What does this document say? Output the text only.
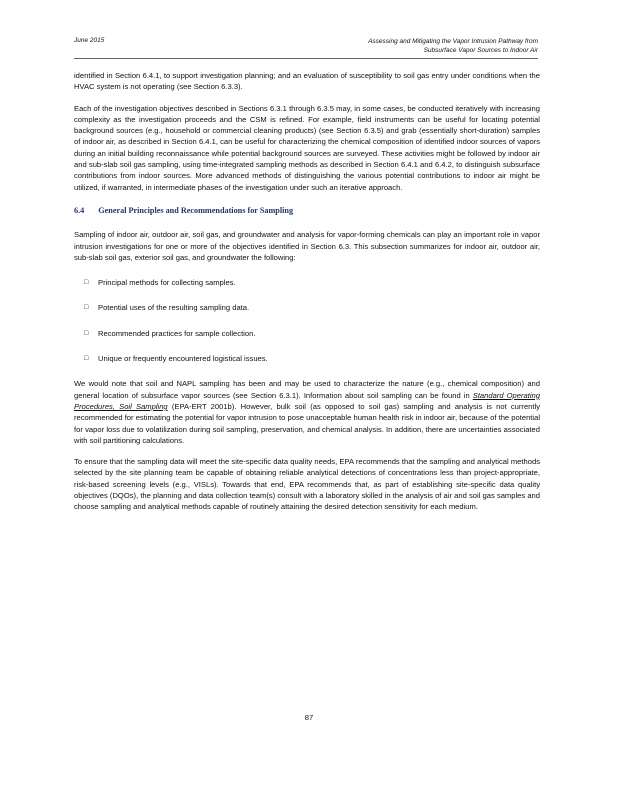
June 2015	Assessing and Mitigating the Vapor Intrusion Pathway from
Subsurface Vapor Sources to Indoor Air

identified in Section 6.4.1, to support investigation planning; and an evaluation of susceptibility to soil gas entry under conditions when the HVAC system is not operating (see Section 6.3.3).

Each of the investigation objectives described in Sections 6.3.1 through 6.3.5 may, in some cases, be conducted iteratively with increasing complexity as the investigation proceeds and the CSM is refined. For example, field instruments can be useful for locating potential background sources (e.g., household or commercial cleaning products) (see Section 6.3.5) and grab (essentially short-duration) samples of indoor air, as described in Section 6.4.1, can be useful for characterizing the chemical composition of identified indoor sources of vapors during an initial building reconnaissance while potential background sources are surveyed. These activities might be followed by indoor air and sub-slab soil gas sampling, using time-integrated sampling methods as described in Section 6.4.1 and 6.4.2, to distinguish subsurface contributions from indoor sources. More advanced methods of distinguishing the various potential contributions to indoor air might be utilized, if warranted, in intermediate phases of the investigation under such an iterative approach.

6.4 General Principles and Recommendations for Sampling

Sampling of indoor air, outdoor air, soil gas, and groundwater and analysis for vapor-forming chemicals can play an important role in vapor intrusion investigations for one or more of the objectives identified in Section 6.3. This subsection summarizes for indoor air, outdoor air, sub-slab soil gas, exterior soil gas, and groundwater the following:

□ Principal methods for collecting samples.
□ Potential uses of the resulting sampling data.
□ Recommended practices for sample collection.
□ Unique or frequently encountered logistical issues.

We would note that soil and NAPL sampling has been and may be used to characterize the nature (e.g., chemical composition) and general location of subsurface vapor sources (see Section 6.3.1). Information about soil sampling can be found in Standard Operating Procedures, Soil Sampling (EPA-ERT 2001b). However, bulk soil (as opposed to soil gas) sampling and analysis is not currently recommended for estimating the potential for vapor intrusion to pose unacceptable human health risk in indoor air, because of the potential for vapor loss due to volatilization during soil sampling, preservation, and chemical analysis. In addition, there are uncertainties associated with soil partitioning calculations.

To ensure that the sampling data will meet the site-specific data quality needs, EPA recommends that the sampling and analytical methods selected by the site planning team be capable of obtaining reliable analytical detections of concentrations less than project-appropriate, risk-based screening levels (e.g., VISLs). Towards that end, EPA recommends that, as part of establishing site-specific data quality objectives (DQOs), the planning and data collection team(s) consult with a laboratory skilled in the analysis of air and soil gas samples and choose sampling and analytical methods capable of routinely attaining the desired detection sensitivity for each medium.

87
